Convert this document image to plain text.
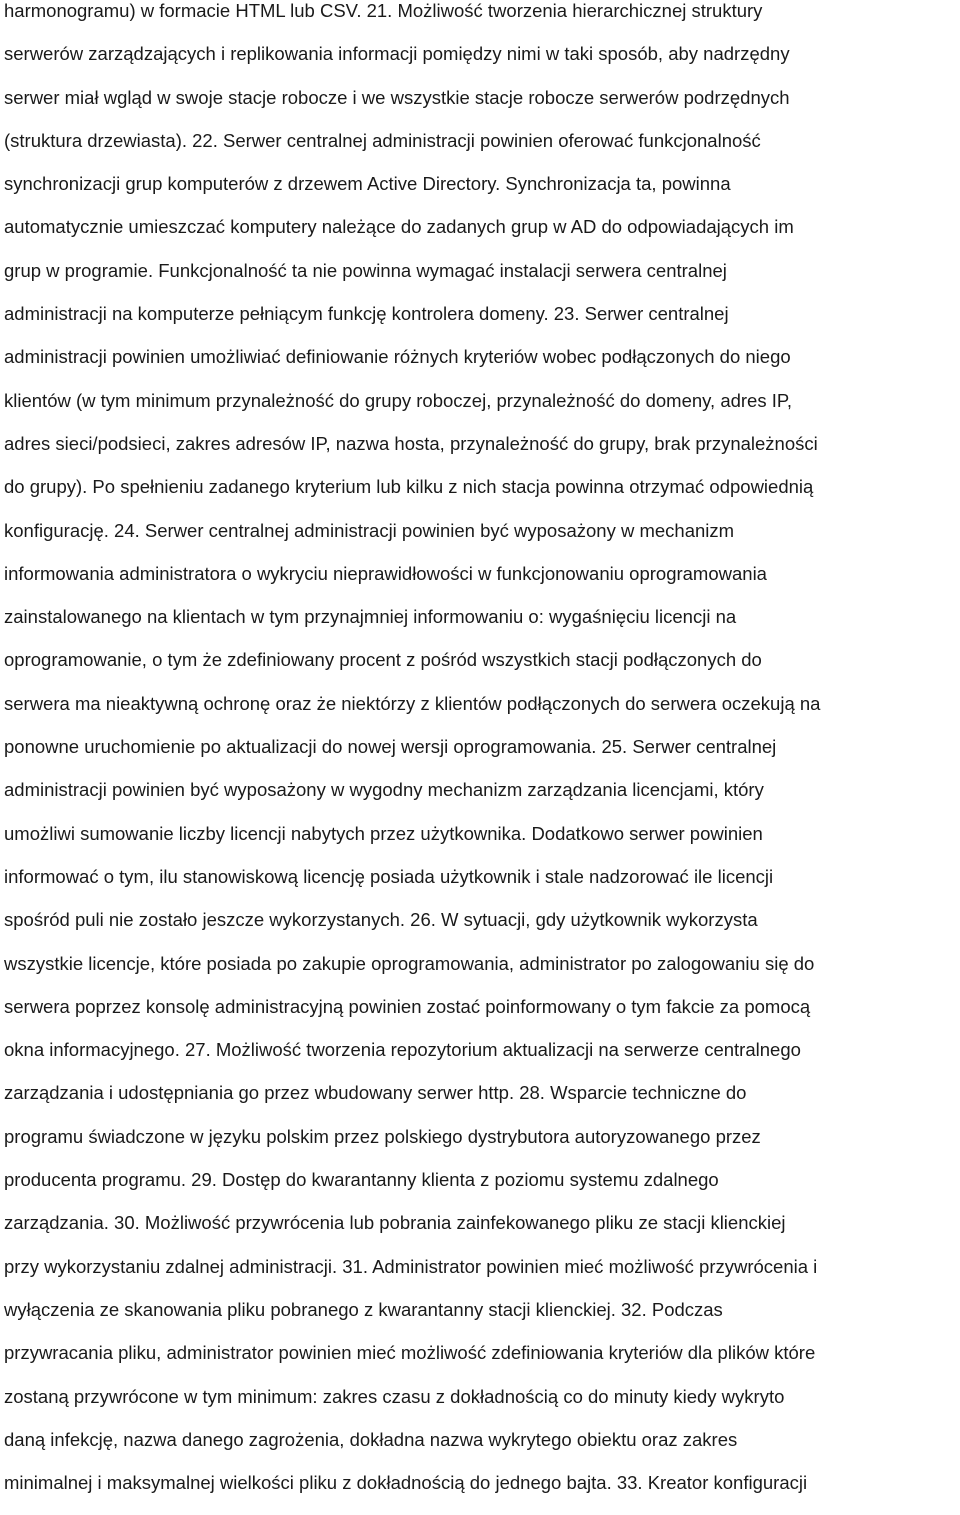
harmonogramu) w formacie HTML lub CSV. 21. Możliwość tworzenia hierarchicznej struktury
serwerów zarządzających i replikowania informacji pomiędzy nimi w taki sposób, aby nadrzędny
serwer miał wgląd w swoje stacje robocze i we wszystkie stacje robocze serwerów podrzędnych
(struktura drzewiasta). 22. Serwer centralnej administracji powinien oferować funkcjonalność
synchronizacji grup komputerów z drzewem Active Directory. Synchronizacja ta, powinna
automatycznie umieszczać komputery należące do zadanych grup w AD do odpowiadających im
grup w programie. Funkcjonalność ta nie powinna wymagać instalacji serwera centralnej
administracji na komputerze pełniącym funkcję kontrolera domeny. 23. Serwer centralnej
administracji powinien umożliwiać definiowanie różnych kryteriów wobec podłączonych do niego
klientów (w tym minimum przynależność do grupy roboczej, przynależność do domeny, adres IP,
adres sieci/podsieci, zakres adresów IP, nazwa hosta, przynależność do grupy, brak przynależności
do grupy). Po spełnieniu zadanego kryterium lub kilku z nich stacja powinna otrzymać odpowiednią
konfigurację. 24. Serwer centralnej administracji powinien być wyposażony w mechanizm
informowania administratora o wykryciu nieprawidłowości w funkcjonowaniu oprogramowania
zainstalowanego na klientach w tym przynajmniej informowaniu o: wygaśnięciu licencji na
oprogramowanie, o tym że zdefiniowany procent z pośród wszystkich stacji podłączonych do
serwera ma nieaktywną ochronę oraz że niektórzy z klientów podłączonych do serwera oczekują na
ponowne uruchomienie po aktualizacji do nowej wersji oprogramowania. 25. Serwer centralnej
administracji powinien być wyposażony w wygodny mechanizm zarządzania licencjami, który
umożliwi sumowanie liczby licencji nabytych przez użytkownika. Dodatkowo serwer powinien
informować o tym, ilu stanowiskową licencję posiada użytkownik i stale nadzorować ile licencji
spośród puli nie zostało jeszcze wykorzystanych. 26. W sytuacji, gdy użytkownik wykorzysta
wszystkie licencje, które posiada po zakupie oprogramowania, administrator po zalogowaniu się do
serwera poprzez konsolę administracyjną powinien zostać poinformowany o tym fakcie za pomocą
okna informacyjnego. 27. Możliwość tworzenia repozytorium aktualizacji na serwerze centralnego
zarządzania i udostępniania go przez wbudowany serwer http. 28. Wsparcie techniczne do
programu świadczone w języku polskim przez polskiego dystrybutora autoryzowanego przez
producenta programu. 29. Dostęp do kwarantanny klienta z poziomu systemu zdalnego
zarządzania. 30. Możliwość przywrócenia lub pobrania zainfekowanego pliku ze stacji klienckiej
przy wykorzystaniu zdalnej administracji. 31. Administrator powinien mieć możliwość przywrócenia i
wyłączenia ze skanowania pliku pobranego z kwarantanny stacji klienckiej. 32. Podczas
przywracania pliku, administrator powinien mieć możliwość zdefiniowania kryteriów dla plików które
zostaną przywrócone w tym minimum: zakres czasu z dokładnością co do minuty kiedy wykryto
daną infekcję, nazwa danego zagrożenia, dokładna nazwa wykrytego obiektu oraz zakres
minimalnej i maksymalnej wielkości pliku z dokładnością do jednego bajta. 33. Kreator konfiguracji
